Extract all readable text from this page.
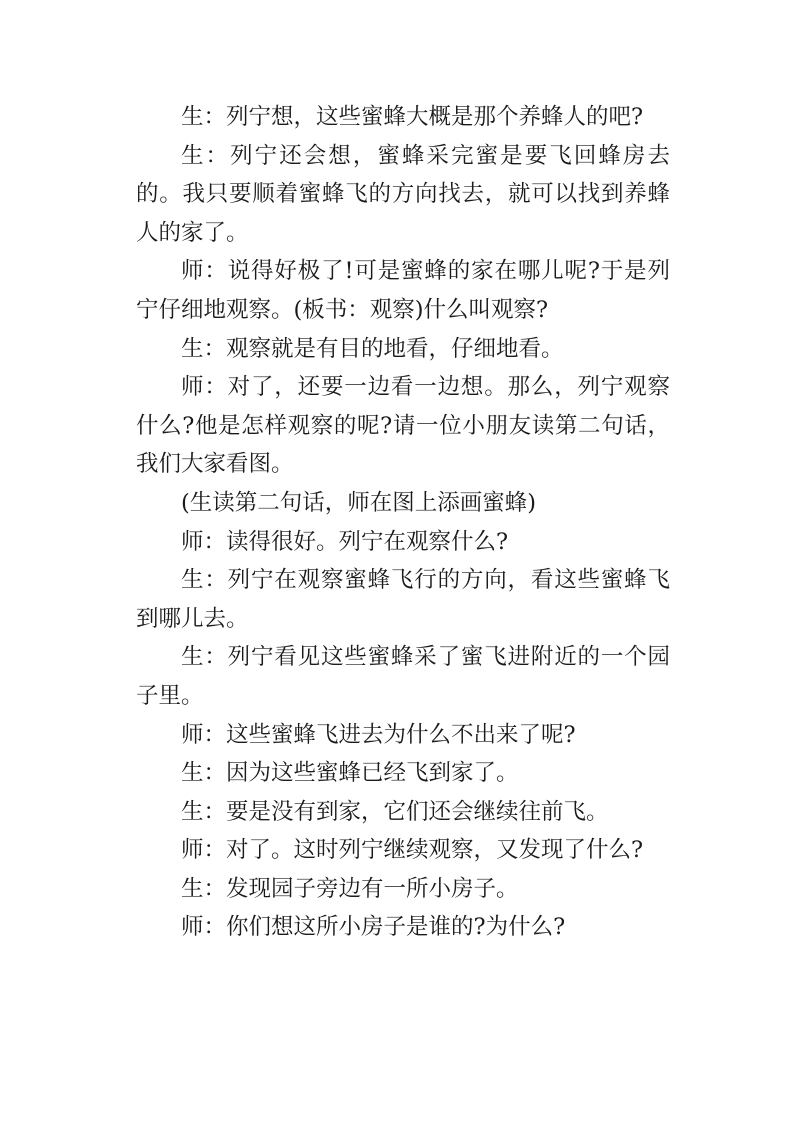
生：列宁想，这些蜜蜂大概是那个养蜂人的吧?

生：列宁还会想，蜜蜂采完蜜是要飞回蜂房去的。我只要顺着蜜蜂飞的方向找去，就可以找到养蜂人的家了。

师：说得好极了!可是蜜蜂的家在哪儿呢?于是列宁仔细地观察。(板书：观察)什么叫观察?

生：观察就是有目的地看，仔细地看。

师：对了，还要一边看一边想。那么，列宁观察什么?他是怎样观察的呢?请一位小朋友读第二句话，我们大家看图。

(生读第二句话，师在图上添画蜜蜂)

师：读得很好。列宁在观察什么?

生：列宁在观察蜜蜂飞行的方向，看这些蜜蜂飞到哪儿去。

生：列宁看见这些蜜蜂采了蜜飞进附近的一个园子里。

师：这些蜜蜂飞进去为什么不出来了呢?

生：因为这些蜜蜂已经飞到家了。

生：要是没有到家，它们还会继续往前飞。

师：对了。这时列宁继续观察，又发现了什么?

生：发现园子旁边有一所小房子。

师：你们想这所小房子是谁的?为什么?
